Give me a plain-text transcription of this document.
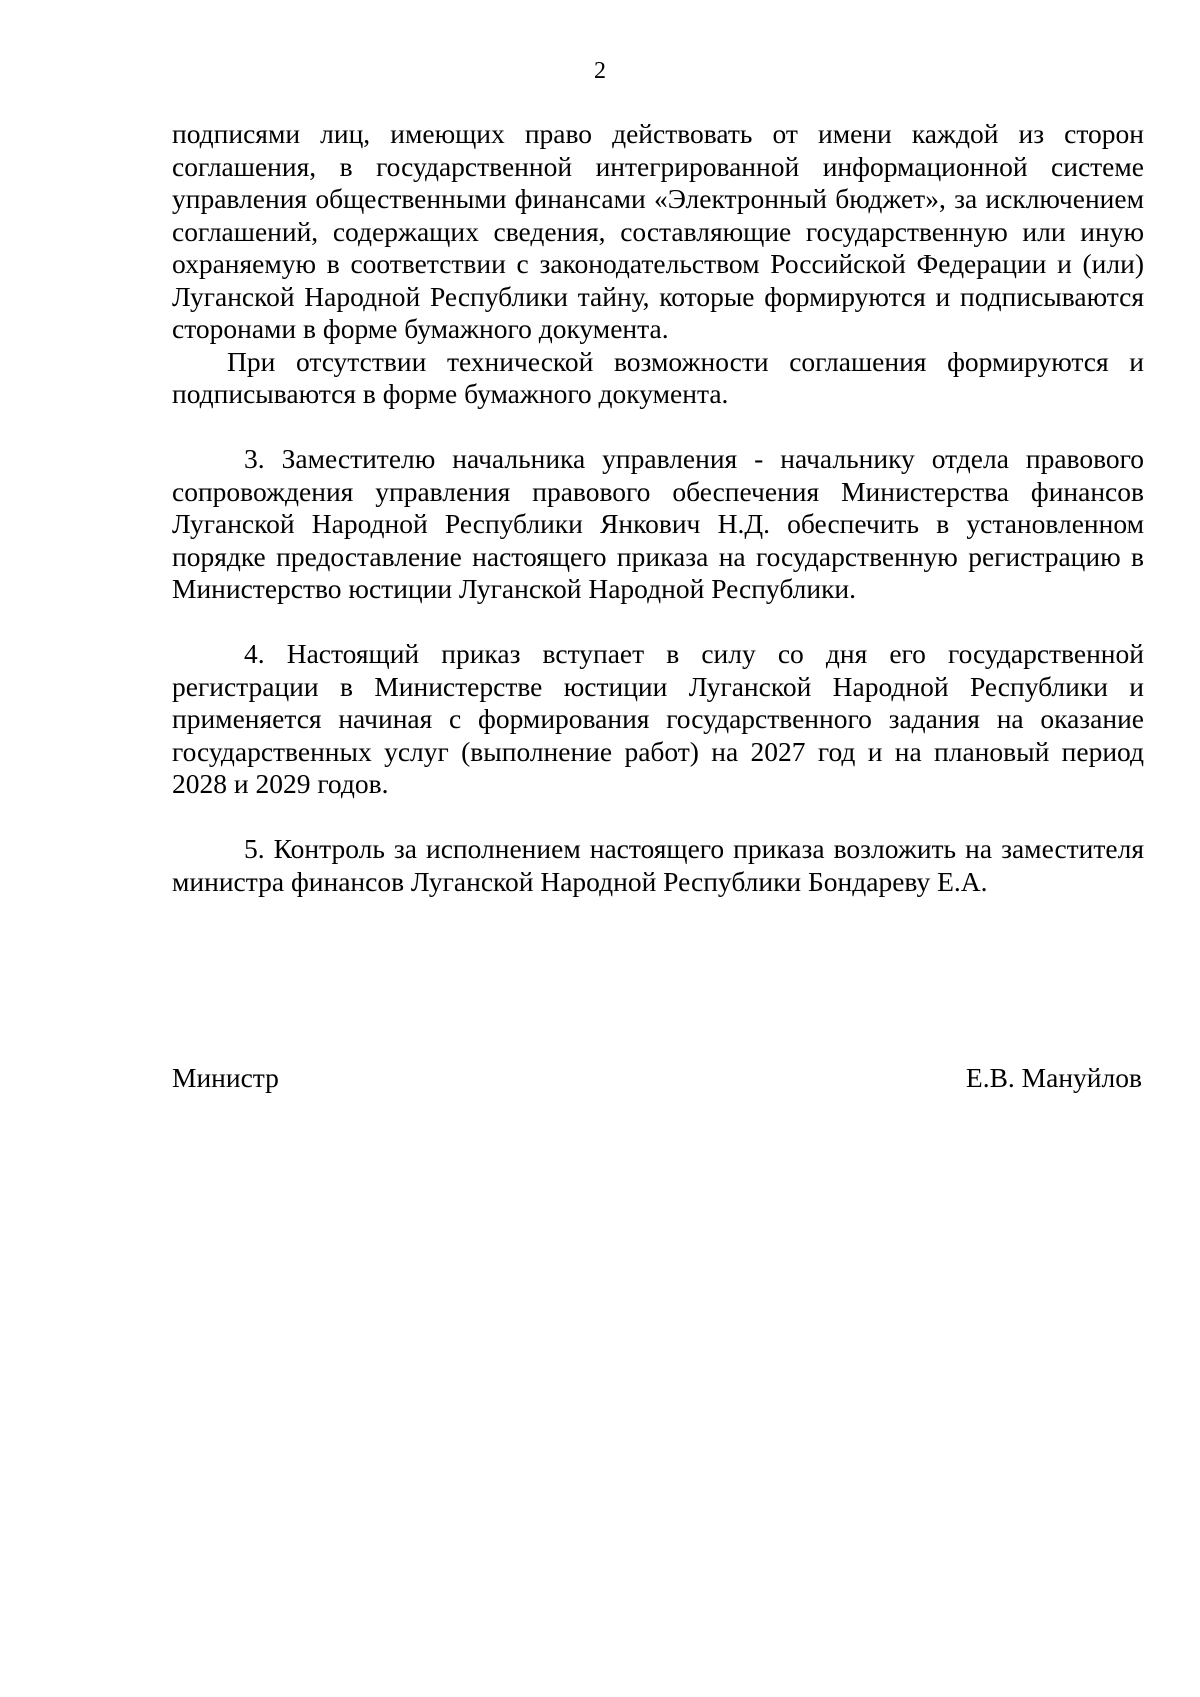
2

подписями лиц, имеющих право действовать от имени каждой из сторон соглашения, в государственной интегрированной информационной системе управления общественными финансами «Электронный бюджет», за исключением соглашений, содержащих сведения, составляющие государственную или иную охраняемую в соответствии с законодательством Российской Федерации и (или) Луганской Народной Республики тайну, которые формируются и подписываются сторонами в форме бумажного документа.

При отсутствии технической возможности соглашения формируются и подписываются в форме бумажного документа.

3. Заместителю начальника управления - начальнику отдела правового сопровождения управления правового обеспечения Министерства финансов Луганской Народной Республики Янкович Н.Д. обеспечить в установленном порядке предоставление настоящего приказа на государственную регистрацию в Министерство юстиции Луганской Народной Республики.

4. Настоящий приказ вступает в силу со дня его государственной регистрации в Министерстве юстиции Луганской Народной Республики и применяется начиная с формирования государственного задания на оказание государственных услуг (выполнение работ) на 2027 год и на плановый период 2028 и 2029 годов.

5. Контроль за исполнением настоящего приказа возложить на заместителя министра финансов Луганской Народной Республики Бондареву Е.А.

Министр	Е.В. Мануйлов
